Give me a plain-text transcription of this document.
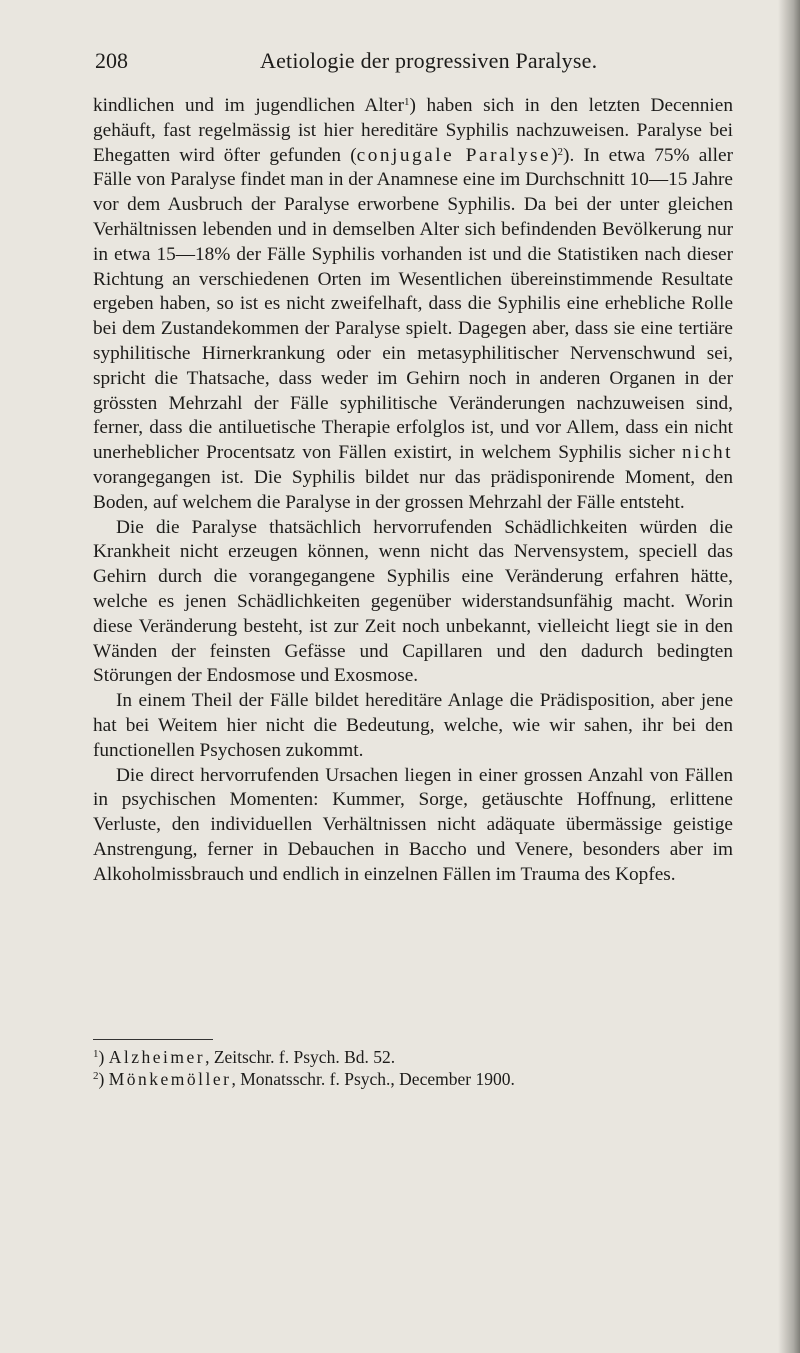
208	Aetiologie der progressiven Paralyse.

kindlichen und im jugendlichen Alter$^1$) haben sich in den letzten Decennien gehäuft, fast regelmässig ist hier hereditäre Syphilis nachzuweisen. Paralyse bei Ehegatten wird öfter gefunden (conjugale Paralyse)$^2$). In etwa 75% aller Fälle von Paralyse findet man in der Anamnese eine im Durchschnitt 10—15 Jahre vor dem Ausbruch der Paralyse erworbene Syphilis. Da bei der unter gleichen Verhältnissen lebenden und in demselben Alter sich befindenden Bevölkerung nur in etwa 15—18% der Fälle Syphilis vorhanden ist und die Statistiken nach dieser Richtung an verschiedenen Orten im Wesentlichen übereinstimmende Resultate ergeben haben, so ist es nicht zweifelhaft, dass die Syphilis eine erhebliche Rolle bei dem Zustandekommen der Paralyse spielt. Dagegen aber, dass sie eine tertiäre syphilitische Hirnerkrankung oder ein metasyphilitischer Nervenschwund sei, spricht die Thatsache, dass weder im Gehirn noch in anderen Organen in der grössten Mehrzahl der Fälle syphilitische Veränderungen nachzuweisen sind, ferner, dass die antiluetische Therapie erfolglos ist, und vor Allem, dass ein nicht unerheblicher Procentsatz von Fällen existirt, in welchem Syphilis sicher nicht vorangegangen ist. Die Syphilis bildet nur das prädisponirende Moment, den Boden, auf welchem die Paralyse in der grossen Mehrzahl der Fälle entsteht.

Die die Paralyse thatsächlich hervorrufenden Schädlichkeiten würden die Krankheit nicht erzeugen können, wenn nicht das Nervensystem, speciell das Gehirn durch die vorangegangene Syphilis eine Veränderung erfahren hätte, welche es jenen Schädlichkeiten gegenüber widerstandsunfähig macht. Worin diese Veränderung besteht, ist zur Zeit noch unbekannt, vielleicht liegt sie in den Wänden der feinsten Gefässe und Capillaren und den dadurch bedingten Störungen der Endosmose und Exosmose.

In einem Theil der Fälle bildet hereditäre Anlage die Prädisposition, aber jene hat bei Weitem hier nicht die Bedeutung, welche, wie wir sahen, ihr bei den functionellen Psychosen zukommt.

Die direct hervorrufenden Ursachen liegen in einer grossen Anzahl von Fällen in psychischen Momenten: Kummer, Sorge, getäuschte Hoffnung, erlittene Verluste, den individuellen Verhältnissen nicht adäquate übermässige geistige Anstrengung, ferner in Debauchen in Baccho und Venere, besonders aber im Alkoholmissbrauch und endlich in einzelnen Fällen im Trauma des Kopfes.

$^1$) Alzheimer, Zeitschr. f. Psych. Bd. 52.
$^2$) Mönkemöller, Monatsschr. f. Psych., December 1900.
